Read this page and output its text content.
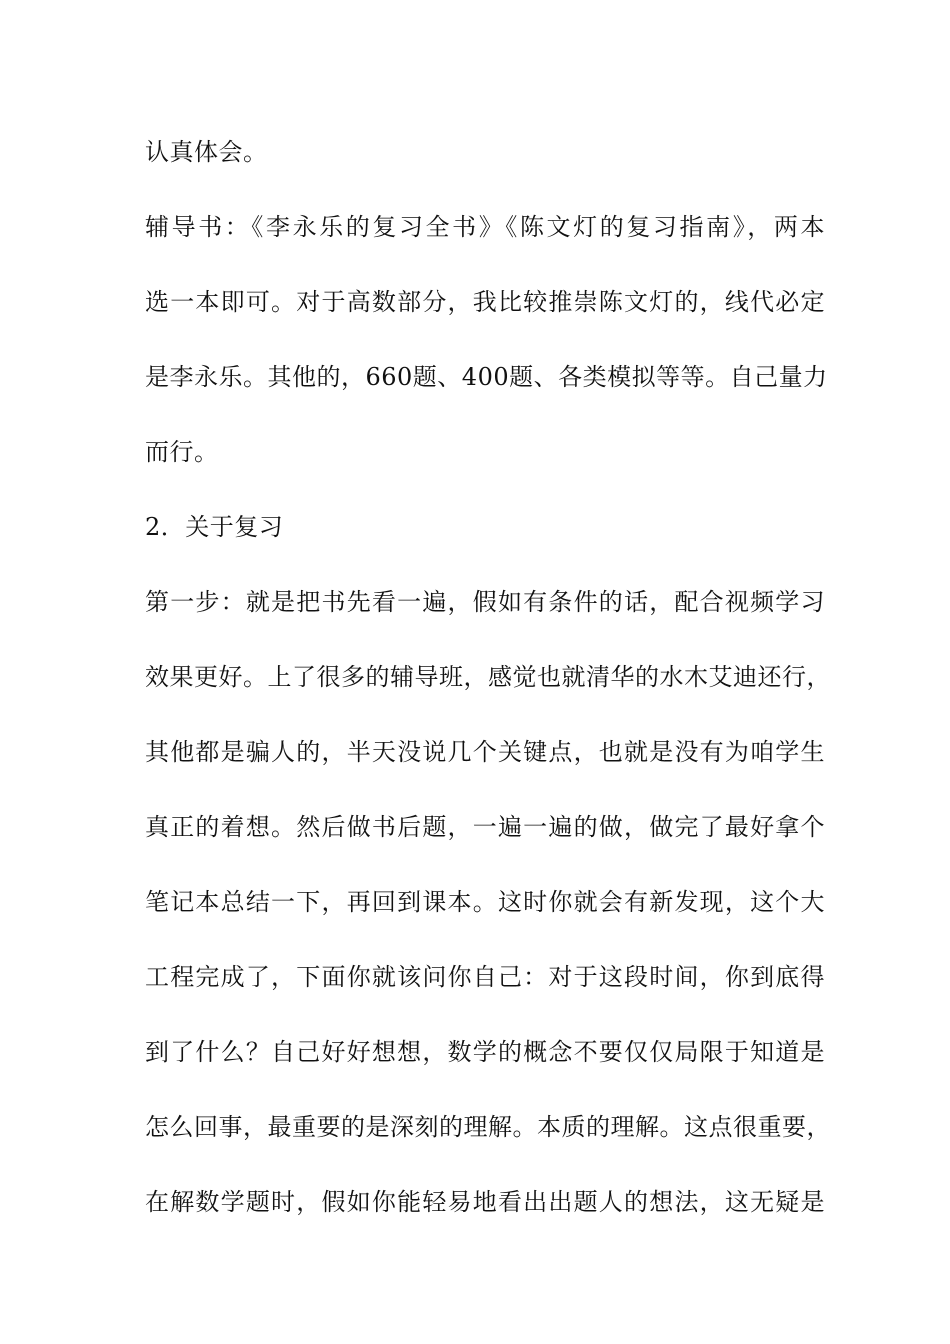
认真体会。
辅导书：《李永乐的复习全书》《陈文灯的复习指南》，两本
选一本即可。对于高数部分，我比较推崇陈文灯的，线代必定
是李永乐。其他的，660题、400题、各类模拟等等。自己量力
而行。
2．关于复习
第一步：就是把书先看一遍，假如有条件的话，配合视频学习
效果更好。上了很多的辅导班，感觉也就清华的水木艾迪还行，
其他都是骗人的，半天没说几个关键点，也就是没有为咱学生
真正的着想。然后做书后题，一遍一遍的做，做完了最好拿个
笔记本总结一下，再回到课本。这时你就会有新发现，这个大
工程完成了，下面你就该问你自己：对于这段时间，你到底得
到了什么？自己好好想想，数学的概念不要仅仅局限于知道是
怎么回事，最重要的是深刻的理解。本质的理解。这点很重要，
在解数学题时，假如你能轻易地看出出题人的想法，这无疑是
